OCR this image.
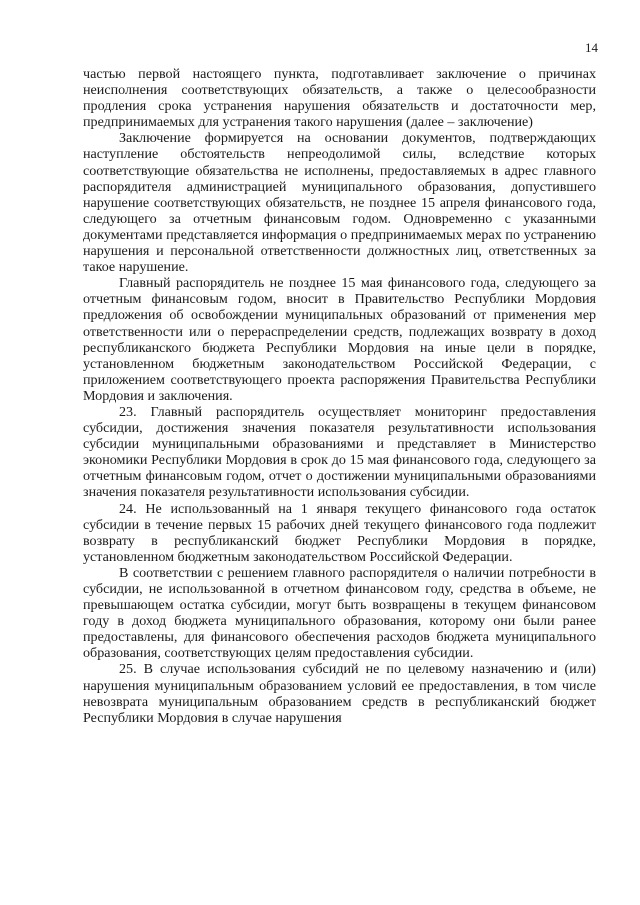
14

частью первой настоящего пункта, подготавливает заключение о причинах неисполнения соответствующих обязательств, а также о целесообразности продления срока устранения нарушения обязательств и достаточности мер, предпринимаемых для устранения такого нарушения (далее – заключение)

Заключение формируется на основании документов, подтверждающих наступление обстоятельств непреодолимой силы, вследствие которых соответствующие обязательства не исполнены, предоставляемых в адрес главного распорядителя администрацией муниципального образования, допустившего нарушение соответствующих обязательств, не позднее 15 апреля финансового года, следующего за отчетным финансовым годом. Одновременно с указанными документами представляется информация о предпринимаемых мерах по устранению нарушения и персональной ответственности должностных лиц, ответственных за такое нарушение.

Главный распорядитель не позднее 15 мая финансового года, следующего за отчетным финансовым годом, вносит в Правительство Республики Мордовия предложения об освобождении муниципальных образований от применения мер ответственности или о перераспределении средств, подлежащих возврату в доход республиканского бюджета Республики Мордовия на иные цели в порядке, установленном бюджетным законодательством Российской Федерации, с приложением соответствующего проекта распоряжения Правительства Республики Мордовия и заключения.

23. Главный распорядитель осуществляет мониторинг предоставления субсидии, достижения значения показателя результативности использования субсидии муниципальными образованиями и представляет в Министерство экономики Республики Мордовия в срок до 15 мая финансового года, следующего за отчетным финансовым годом, отчет о достижении муниципальными образованиями значения показателя результативности использования субсидии.

24. Не использованный на 1 января текущего финансового года остаток субсидии в течение первых 15 рабочих дней текущего финансового года подлежит возврату в республиканский бюджет Республики Мордовия в порядке, установленном бюджетным законодательством Российской Федерации.

В соответствии с решением главного распорядителя о наличии потребности в субсидии, не использованной в отчетном финансовом году, средства в объеме, не превышающем остатка субсидии, могут быть возвращены в текущем финансовом году в доход бюджета муниципального образования, которому они были ранее предоставлены, для финансового обеспечения расходов бюджета муниципального образования, соответствующих целям предоставления субсидии.

25. В случае использования субсидий не по целевому назначению и (или) нарушения муниципальным образованием условий ее предоставления, в том числе невозврата муниципальным образованием средств в республиканский бюджет Республики Мордовия в случае нарушения
